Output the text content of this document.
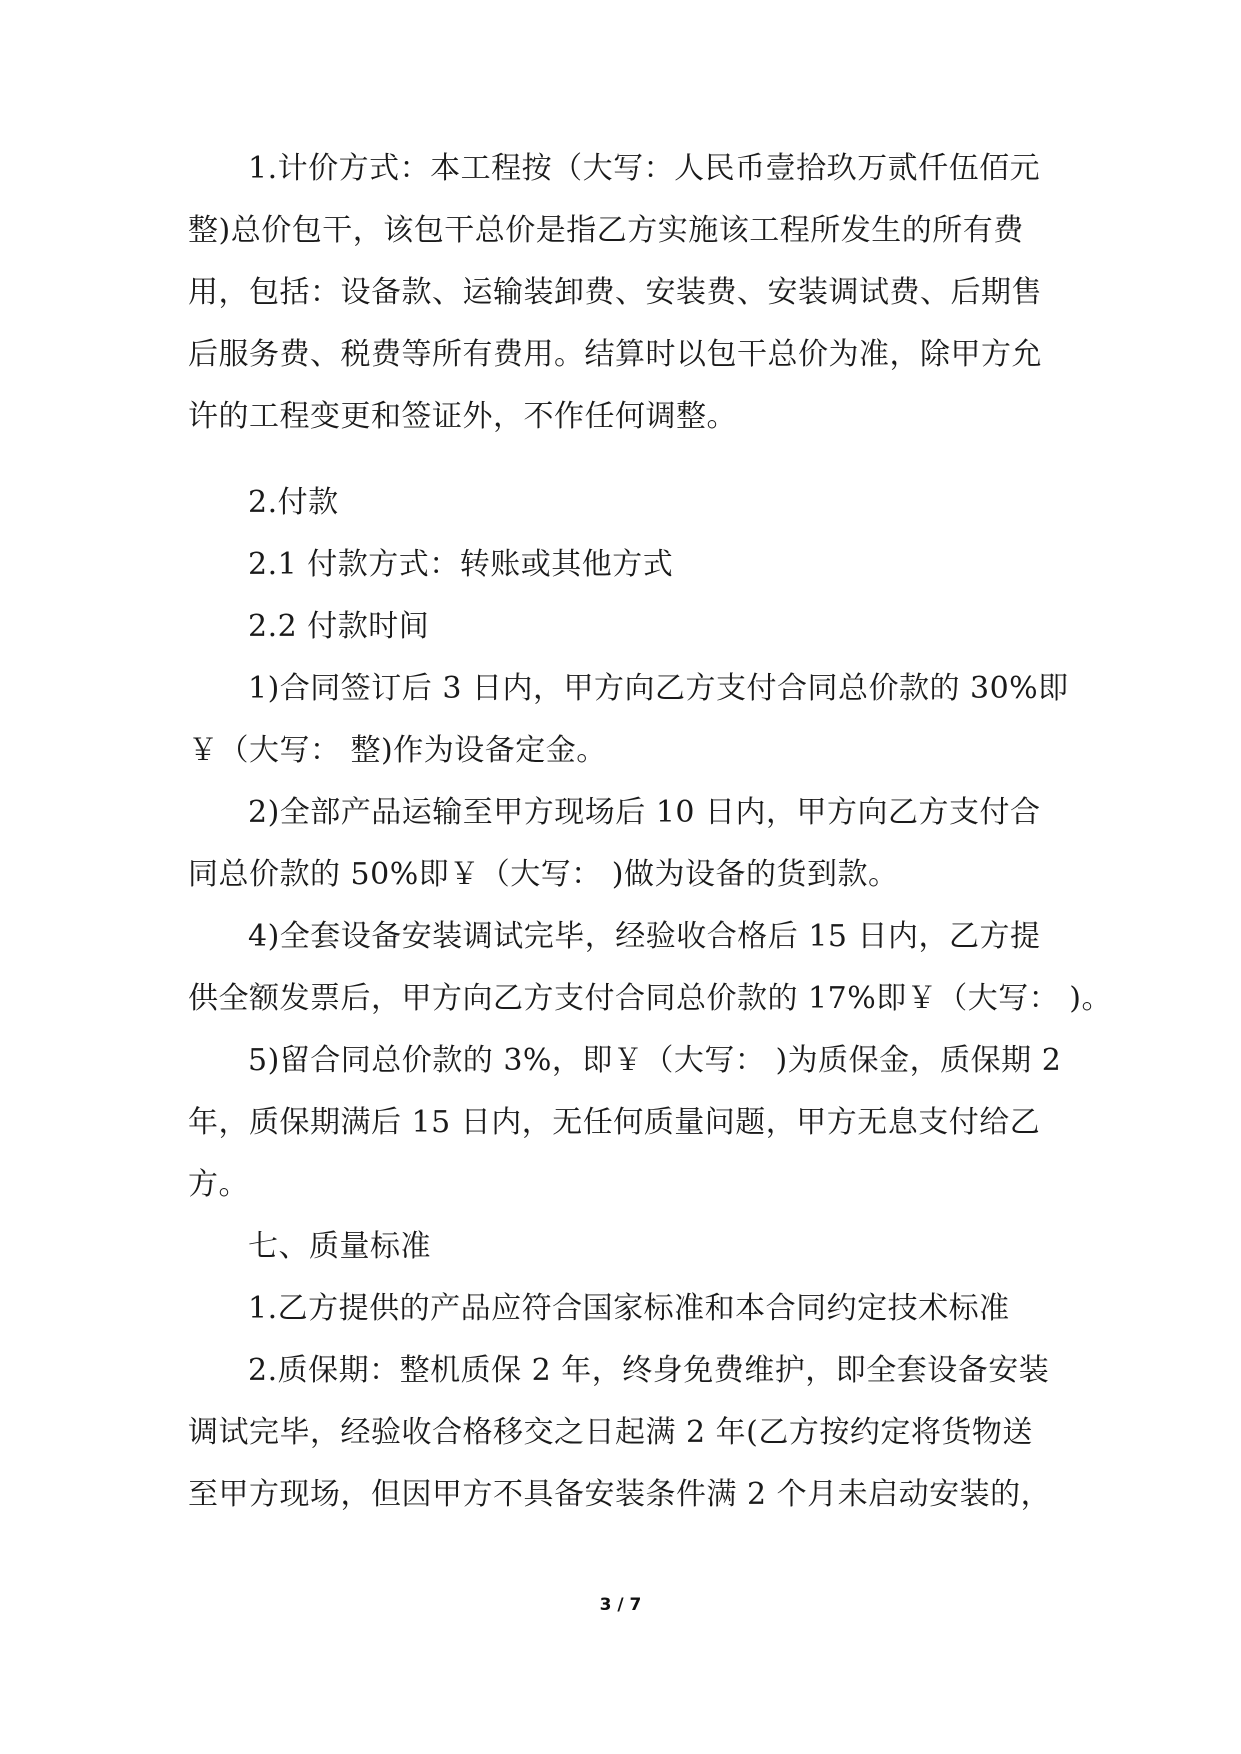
1.计价方式：本工程按（大写：人民币壹拾玖万贰仟伍佰元
整)总价包干，该包干总价是指乙方实施该工程所发生的所有费
用，包括：设备款、运输装卸费、安装费、安装调试费、后期售
后服务费、税费等所有费用。结算时以包干总价为准，除甲方允
许的工程变更和签证外，不作任何调整。

2.付款

2.1 付款方式：转账或其他方式

2.2 付款时间

1)合同签订后 3 日内，甲方向乙方支付合同总价款的 30%即
￥（大写： 整)作为设备定金。

2)全部产品运输至甲方现场后 10 日内，甲方向乙方支付合
同总价款的 50%即￥（大写： )做为设备的货到款。

4)全套设备安装调试完毕，经验收合格后 15 日内，乙方提
供全额发票后，甲方向乙方支付合同总价款的 17%即￥（大写： )。

5)留合同总价款的 3%，即￥（大写： )为质保金，质保期 2
年，质保期满后 15 日内，无任何质量问题，甲方无息支付给乙
方。

七、质量标准

1.乙方提供的产品应符合国家标准和本合同约定技术标准

2.质保期：整机质保 2 年，终身免费维护，即全套设备安装
调试完毕，经验收合格移交之日起满 2 年(乙方按约定将货物送
至甲方现场，但因甲方不具备安装条件满 2 个月未启动安装的，

3 / 7
